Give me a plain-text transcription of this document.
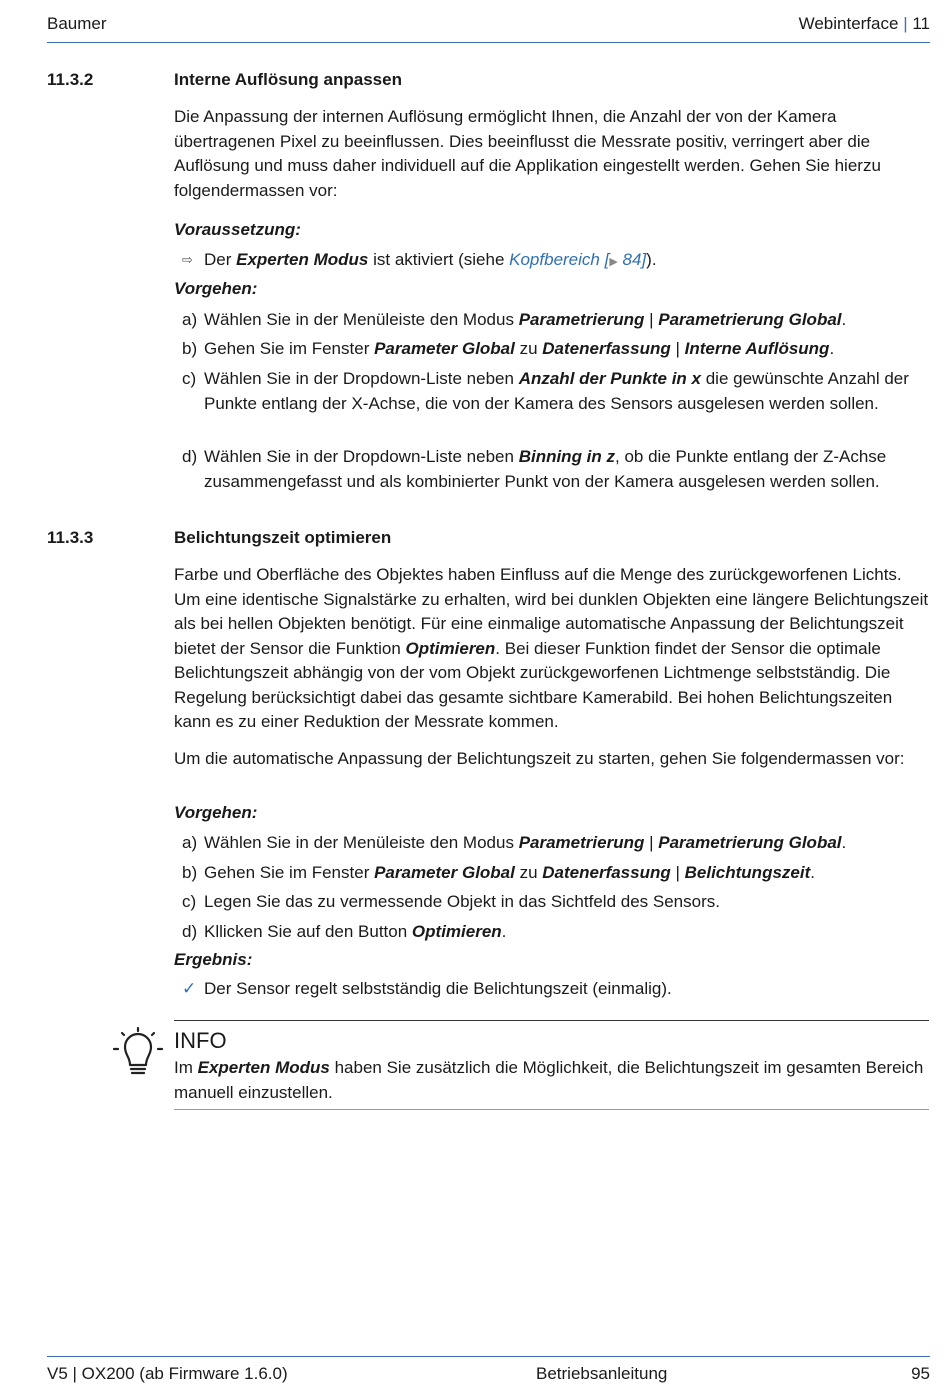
Baumer	Webinterface | 11
11.3.2	Interne Auflösung anpassen

Die Anpassung der internen Auflösung ermöglicht Ihnen, die Anzahl der von der Kamera übertragenen Pixel zu beeinflussen. Dies beeinflusst die Messrate positiv, verringert aber die Auflösung und muss daher individuell auf die Applikation eingestellt werden. Gehen Sie hierzu folgendermassen vor:

Voraussetzung:
⇨ Der Experten Modus ist aktiviert (siehe Kopfbereich [▶ 84]).
Vorgehen:
a) Wählen Sie in der Menüleiste den Modus Parametrierung | Parametrierung Global.
b) Gehen Sie im Fenster Parameter Global zu Datenerfassung | Interne Auflösung.
c) Wählen Sie in der Dropdown-Liste neben Anzahl der Punkte in x die gewünschte Anzahl der Punkte entlang der X-Achse, die von der Kamera des Sensors ausgelesen werden sollen.
d) Wählen Sie in der Dropdown-Liste neben Binning in z, ob die Punkte entlang der Z-Achse zusammengefasst und als kombinierter Punkt von der Kamera ausgelesen werden sollen.
11.3.3	Belichtungszeit optimieren

Farbe und Oberfläche des Objektes haben Einfluss auf die Menge des zurückgeworfenen Lichts. Um eine identische Signalstärke zu erhalten, wird bei dunklen Objekten eine längere Belichtungszeit als bei hellen Objekten benötigt. Für eine einmalige automatische Anpassung der Belichtungszeit bietet der Sensor die Funktion Optimieren. Bei dieser Funktion findet der Sensor die optimale Belichtungszeit abhängig von der vom Objekt zurückgeworfenen Lichtmenge selbstständig. Die Regelung berücksichtigt dabei das gesamte sichtbare Kamerabild. Bei hohen Belichtungszeiten kann es zu einer Reduktion der Messrate kommen.

Um die automatische Anpassung der Belichtungszeit zu starten, gehen Sie folgendermassen vor:

Vorgehen:
a) Wählen Sie in der Menüleiste den Modus Parametrierung | Parametrierung Global.
b) Gehen Sie im Fenster Parameter Global zu Datenerfassung | Belichtungszeit.
c) Legen Sie das zu vermessende Objekt in das Sichtfeld des Sensors.
d) Kllicken Sie auf den Button Optimieren.
Ergebnis:
✓ Der Sensor regelt selbstständig die Belichtungszeit (einmalig).
INFO

Im Experten Modus haben Sie zusätzlich die Möglichkeit, die Belichtungszeit im gesamten Bereich manuell einzustellen.

V5 | OX200 (ab Firmware 1.6.0)	Betriebsanleitung	95
